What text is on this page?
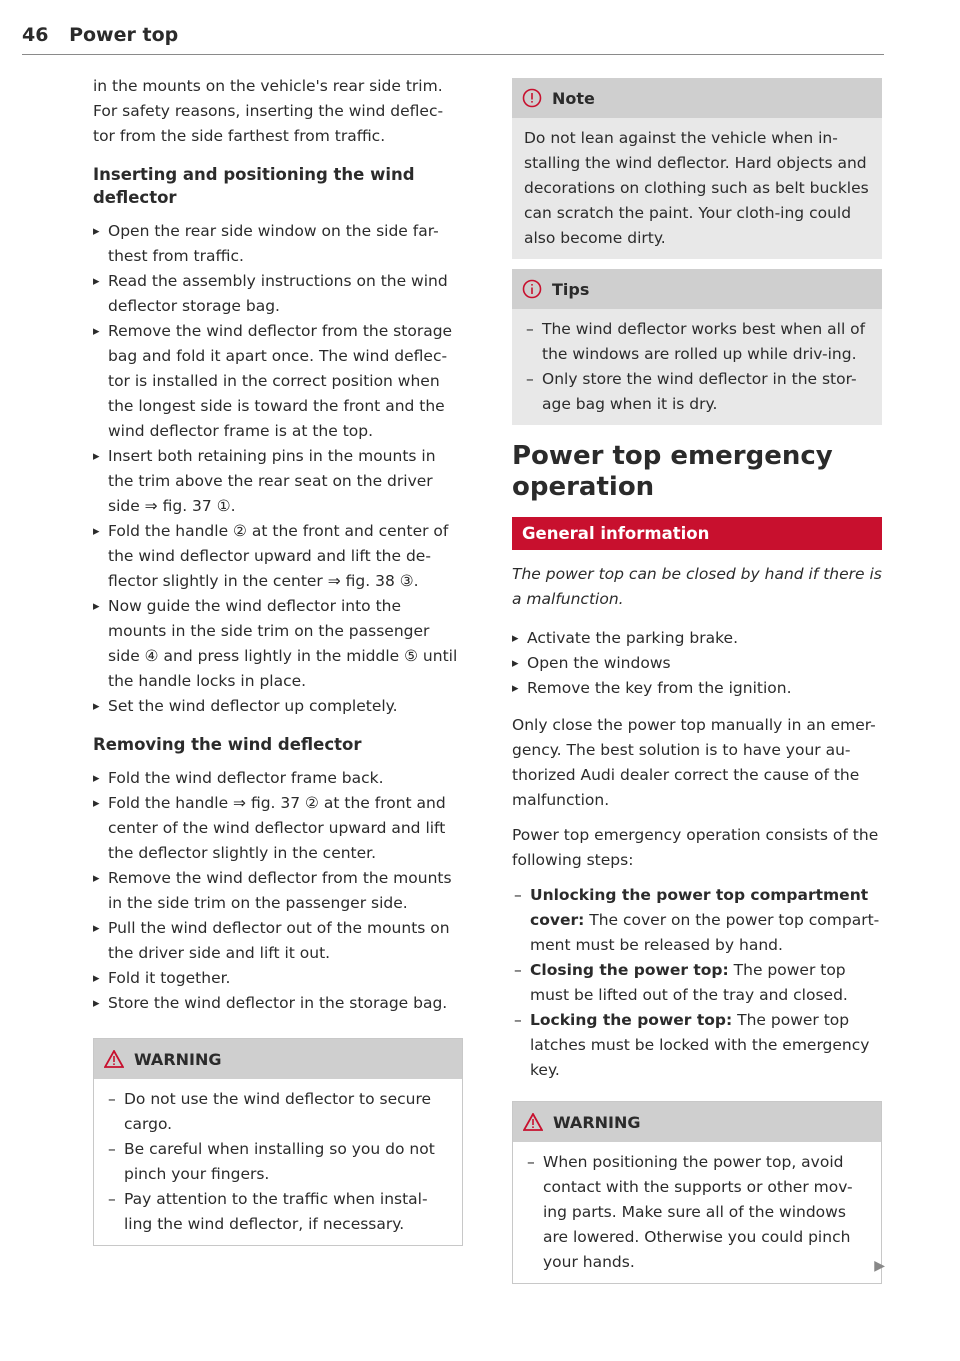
46 Power top

in the mounts on the vehicle's rear side trim.

For safety reasons, inserting the wind deflec-tor from the side farthest from traffic.

Inserting and positioning the wind deflector
▸ Open the rear side window on the side far-thest from traffic.
▸ Read the assembly instructions on the wind deflector storage bag.
▸ Remove the wind deflector from the storage bag and fold it apart once. The wind deflec-tor is installed in the correct position when the longest side is toward the front and the wind deflector frame is at the top.
▸ Insert both retaining pins in the mounts in the trim above the rear seat on the driver side ⇒ fig. 37 ①.
▸ Fold the handle ② at the front and center of the wind deflector upward and lift the de-flector slightly in the center ⇒ fig. 38 ③.
▸ Now guide the wind deflector into the mounts in the side trim on the passenger side ④ and press lightly in the middle ⑤ until the handle locks in place.
▸ Set the wind deflector up completely.
Removing the wind deflector
▸ Fold the wind deflector frame back.
▸ Fold the handle ⇒ fig. 37 ② at the front and center of the wind deflector upward and lift the deflector slightly in the center.
▸ Remove the wind deflector from the mounts in the side trim on the passenger side.
▸ Pull the wind deflector out of the mounts on the driver side and lift it out.
▸ Fold it together.
▸ Store the wind deflector in the storage bag.
WARNING
– Do not use the wind deflector to secure cargo.
– Be careful when installing so you do not pinch your fingers.
– Pay attention to the traffic when instal-ling the wind deflector, if necessary.
Note
Do not lean against the vehicle when in-stalling the wind deflector. Hard objects and decorations on clothing such as belt buckles can scratch the paint. Your cloth-ing could also become dirty.
Tips
– The wind deflector works best when all of the windows are rolled up while driv-ing.
– Only store the wind deflector in the stor-age bag when it is dry.
Power top emergency operation
General information

The power top can be closed by hand if there is a malfunction.

▸ Activate the parking brake.
▸ Open the windows
▸ Remove the key from the ignition.

Only close the power top manually in an emer-gency. The best solution is to have your au-thorized Audi dealer correct the cause of the malfunction.

Power top emergency operation consists of the following steps:

– Unlocking the power top compartment cover: The cover on the power top compart-ment must be released by hand.
– Closing the power top: The power top must be lifted out of the tray and closed.
– Locking the power top: The power top latches must be locked with the emergency key.
WARNING
– When positioning the power top, avoid contact with the supports or other mov-ing parts. Make sure all of the windows are lowered. Otherwise you could pinch your hands.	▶
